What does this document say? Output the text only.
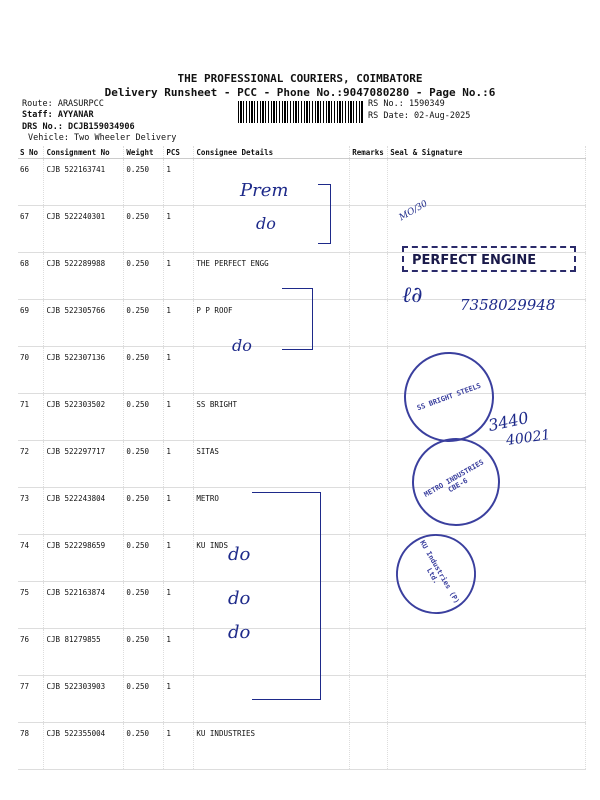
THE PROFESSIONAL COURIERS, COIMBATORE
Delivery Runsheet - PCC - Phone No.:9047080280 - Page No.:6
Route: ARASURPCC
Staff: AYYANAR
DRS No.: DCJB159034906
Vehicle: Two Wheeler Delivery
RS No.: 1590349
RS Date: 02-Aug-2025
S No	Consignment No	Weight	PCS	Consignee Details	Remarks	Seal & Signature
66	CJB 522163741	0.250	1			
67	CJB 522240301	0.250	1			
68	CJB 522289988	0.250	1	THE PERFECT ENGG		
69	CJB 522305766	0.250	1	P P ROOF		
70	CJB 522307136	0.250	1			
71	CJB 522303502	0.250	1	SS BRIGHT		
72	CJB 522297717	0.250	1	SITAS		
73	CJB 522243804	0.250	1	METRO		
74	CJB 522298659	0.250	1	KU INDS		
75	CJB 522163874	0.250	1			
76	CJB 81279855	0.250	1			
77	CJB 522303903	0.250	1			
78	CJB 522355004	0.250	1	KU INDUSTRIES		
Prem
do
MO/30
do
do
do
do
PERFECT ENGINE
7358029948
ℓ∂
SS BRIGHT STEELS
3440
40021
METRO INDUSTRIES CBE-6
KU Industries (P) Ltd.
